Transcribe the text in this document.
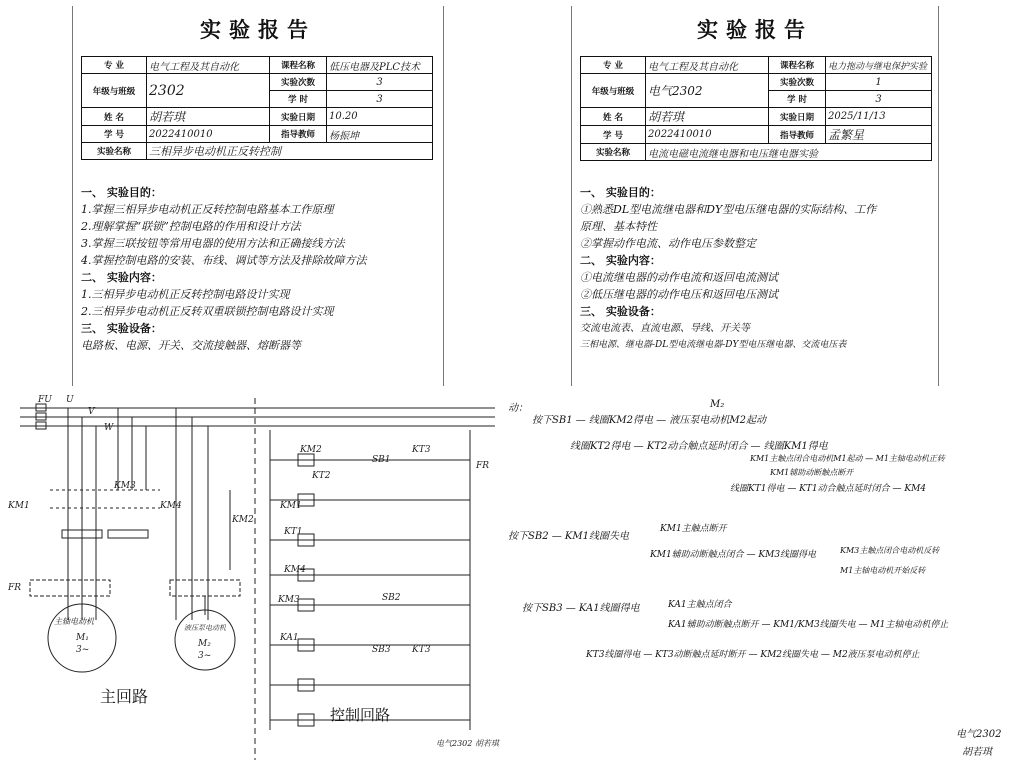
实验报告
专 业	电气工程及其自动化	课程名称	低压电器及PLC技术
年级与班级	2302	实验次数	3
		学 时	3
姓 名	胡若琪	实验日期	10.20
学 号	2022410010	指导教师	杨振坤
实验名称	三相异步电动机正反转控制		
一、 实验目的：
1.掌握三相异步电动机正反转控制电路基本工作原理
2.理解掌握“联锁”控制电路的作用和设计方法
3.掌握三联按钮等常用电器的使用方法和正确接线方法
4.掌握控制电路的安装、布线、调试等方法及排除故障方法
二、 实验内容：
1.三相异步电动机正反转控制电路设计实现
2.三相异步电动机正反转双重联锁控制电路设计实现
三、 实验设备：
电路板、电源、开关、交流接触器、熔断器等
实验报告
专 业	电气工程及其自动化	课程名称	电力拖动与继电保护实验
年级与班级	电气2302	实验次数	1
		学 时	3
姓 名	胡若琪	实验日期	2025/11/13
学 号	2022410010	指导教师	孟繁星
实验名称	电流电磁电流继电器和电压继电器实验		
一、 实验目的：
①熟悉DL型电流继电器和DY型电压继电器的实际结构、工作
原理、基本特性
②掌握动作电流、动作电压参数整定
二、 实验内容：
①电流继电器的动作电流和返回电流测试
②低压继电器的动作电压和返回电压测试
三、 实验设备：
交流电流表、直流电源、导线、开关等
三相电源、继电器-DL型电流继电器-DY型电压继电器、交流电压表
FU U
V
W
KM1
KM2
KM3
KM4
FR
主轴电动机
M₁
3~
液压泵电动机
M₂
3~
主回路
KM2
KT2
KM1
KT1
KM4
KM3
KA1
KT3
SB1
SB2
SB3 KT3
FR
控制回路
电气2302 胡若琪
动：	M₂
按下SB1 — 线圈KM2得电 — 液压泵电动机M2起动
线圈KT2得电 — KT2动合触点延时闭合 — 线圈KM1得电
KM1主触点闭合电动机M1起动 — M1主轴电动机正转
KM1辅助动断触点断开
线圈KT1得电 — KT1动合触点延时闭合 — KM4
按下SB2 — KM1线圈失电
KM1主触点断开
KM1辅助动断触点闭合 — KM3线圈得电	KM3主触点闭合电动机反转
M1主轴电动机开始反转
按下SB3 — KA1线圈得电	KA1主触点闭合
KA1辅助动断触点断开 — KM1/KM3线圈失电 — M1主轴电动机停止
KT3线圈得电 — KT3动断触点延时断开 — KM2线圈失电 — M2液压泵电动机停止
电气2302
胡若琪
